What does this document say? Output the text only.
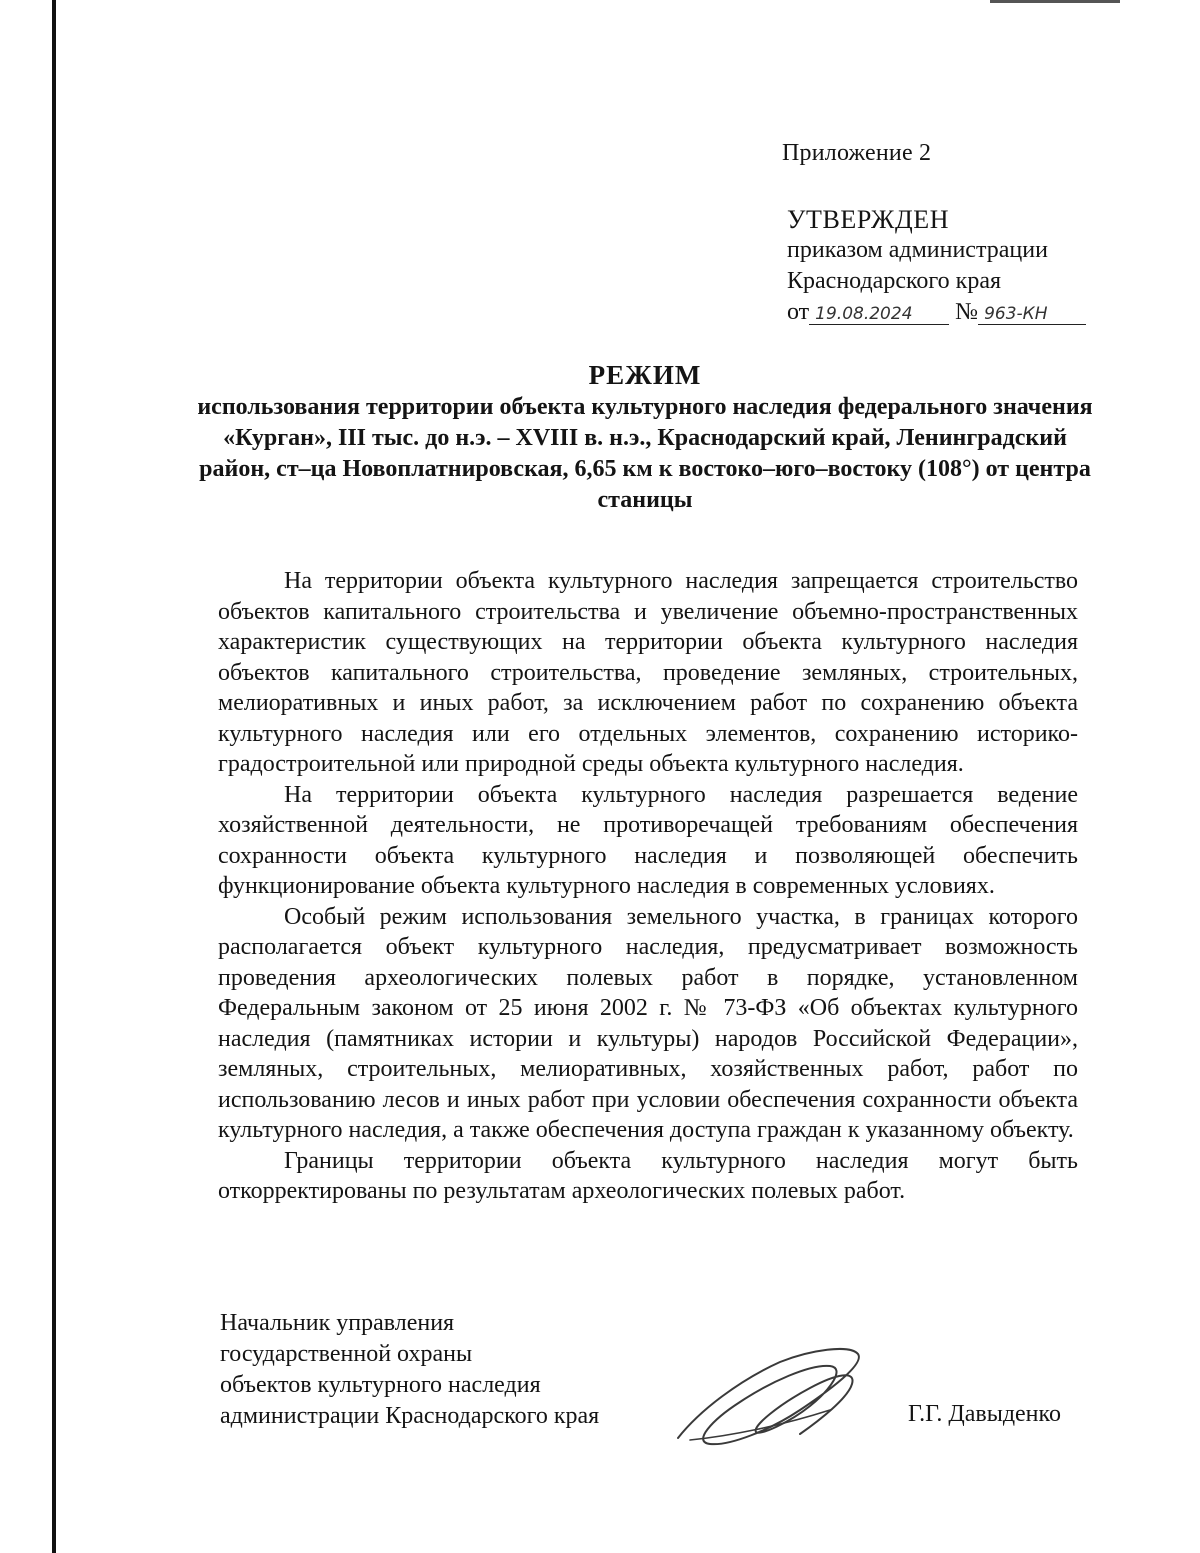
Приложение 2
УТВЕРЖДЕН
приказом администрации
Краснодарского края
от 19.08.2024 № 963-КН
РЕЖИМ
использования территории объекта культурного наследия федерального значения «Курган», III тыс. до н.э. – XVIII в. н.э., Краснодарский край, Ленинградский район, ст–ца Новоплатнировская, 6,65 км к востоко–юго–востоку (108°) от центра станицы

На территории объекта культурного наследия запрещается строительство объектов капитального строительства и увеличение объемно-пространственных характеристик существующих на территории объекта культурного наследия объектов капитального строительства, проведение земляных, строительных, мелиоративных и иных работ, за исключением работ по сохранению объекта культурного наследия или его отдельных элементов, сохранению историко-градостроительной или природной среды объекта культурного наследия.

На территории объекта культурного наследия разрешается ведение хозяйственной деятельности, не противоречащей требованиям обеспечения сохранности объекта культурного наследия и позволяющей обеспечить функционирование объекта культурного наследия в современных условиях.

Особый режим использования земельного участка, в границах которого располагается объект культурного наследия, предусматривает возможность проведения археологических полевых работ в порядке, установленном Федеральным законом от 25 июня 2002 г. № 73-ФЗ «Об объектах культурного наследия (памятниках истории и культуры) народов Российской Федерации», земляных, строительных, мелиоративных, хозяйственных работ, работ по использованию лесов и иных работ при условии обеспечения сохранности объекта культурного наследия, а также обеспечения доступа граждан к указанному объекту.

Границы территории объекта культурного наследия могут быть откорректированы по результатам археологических полевых работ.

Начальник управления
государственной охраны
объектов культурного наследия
администрации Краснодарского края	Г.Г. Давыденко
